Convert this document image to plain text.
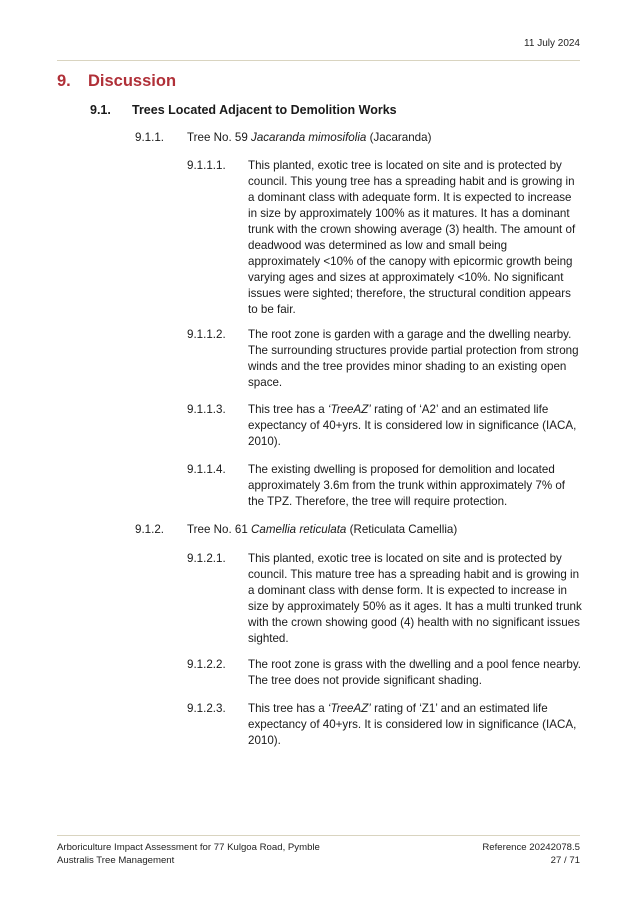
11 July 2024
9. Discussion
9.1. Trees Located Adjacent to Demolition Works
9.1.1. Tree No. 59 Jacaranda mimosifolia (Jacaranda)
9.1.1.1. This planted, exotic tree is located on site and is protected by council. This young tree has a spreading habit and is growing in a dominant class with adequate form. It is expected to increase in size by approximately 100% as it matures. It has a dominant trunk with the crown showing average (3) health. The amount of deadwood was determined as low and small being approximately <10% of the canopy with epicormic growth being varying ages and sizes at approximately <10%. No significant issues were sighted; therefore, the structural condition appears to be fair.
9.1.1.2. The root zone is garden with a garage and the dwelling nearby. The surrounding structures provide partial protection from strong winds and the tree provides minor shading to an existing open space.
9.1.1.3. This tree has a ‘TreeAZ’ rating of ‘A2’ and an estimated life expectancy of 40+yrs. It is considered low in significance (IACA, 2010).
9.1.1.4. The existing dwelling is proposed for demolition and located approximately 3.6m from the trunk within approximately 7% of the TPZ. Therefore, the tree will require protection.
9.1.2. Tree No. 61 Camellia reticulata (Reticulata Camellia)
9.1.2.1. This planted, exotic tree is located on site and is protected by council. This mature tree has a spreading habit and is growing in a dominant class with dense form. It is expected to increase in size by approximately 50% as it ages. It has a multi trunked trunk with the crown showing good (4) health with no significant issues sighted.
9.1.2.2. The root zone is grass with the dwelling and a pool fence nearby. The tree does not provide significant shading.
9.1.2.3. This tree has a ‘TreeAZ’ rating of ‘Z1’ and an estimated life expectancy of 40+yrs. It is considered low in significance (IACA, 2010).
Arboriculture Impact Assessment for 77 Kulgoa Road, Pymble
Australis Tree Management
Reference 20242078.5
27 / 71
